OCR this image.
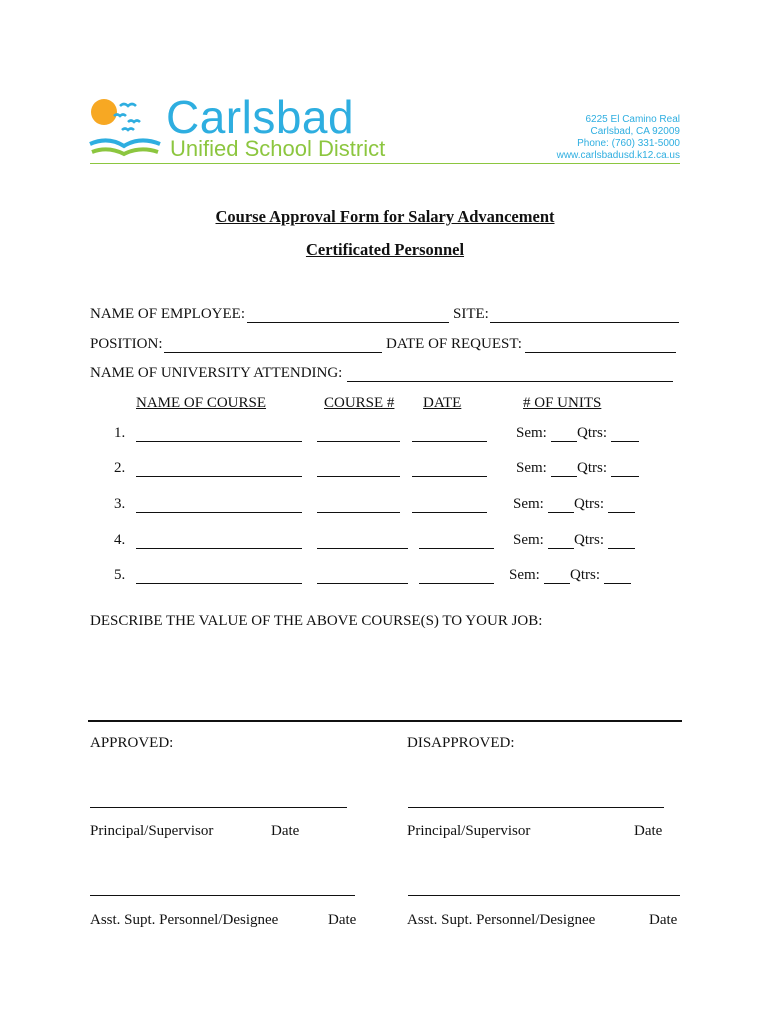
Carlsbad
Unified School District
6225 El Camino Real
Carlsbad, CA 92009
Phone: (760) 331-5000
www.carlsbadusd.k12.ca.us
Course Approval Form for Salary Advancement
Certificated Personnel
NAME OF EMPLOYEE:	SITE:
POSITION:	DATE OF REQUEST:
NAME OF UNIVERSITY ATTENDING:
NAME OF COURSE	COURSE # DATE	# OF UNITS
1.	Sem: Qtrs:
2.	Sem: Qtrs:
3.	Sem: Qtrs:
4.	Sem: Qtrs:
5.	Sem: Qtrs:
DESCRIBE THE VALUE OF THE ABOVE COURSE(S) TO YOUR JOB:
APPROVED:	DISAPPROVED:
Principal/Supervisor	Date	Principal/Supervisor	Date
Asst. Supt. Personnel/Designee	Date	Asst. Supt. Personnel/Designee	Date
